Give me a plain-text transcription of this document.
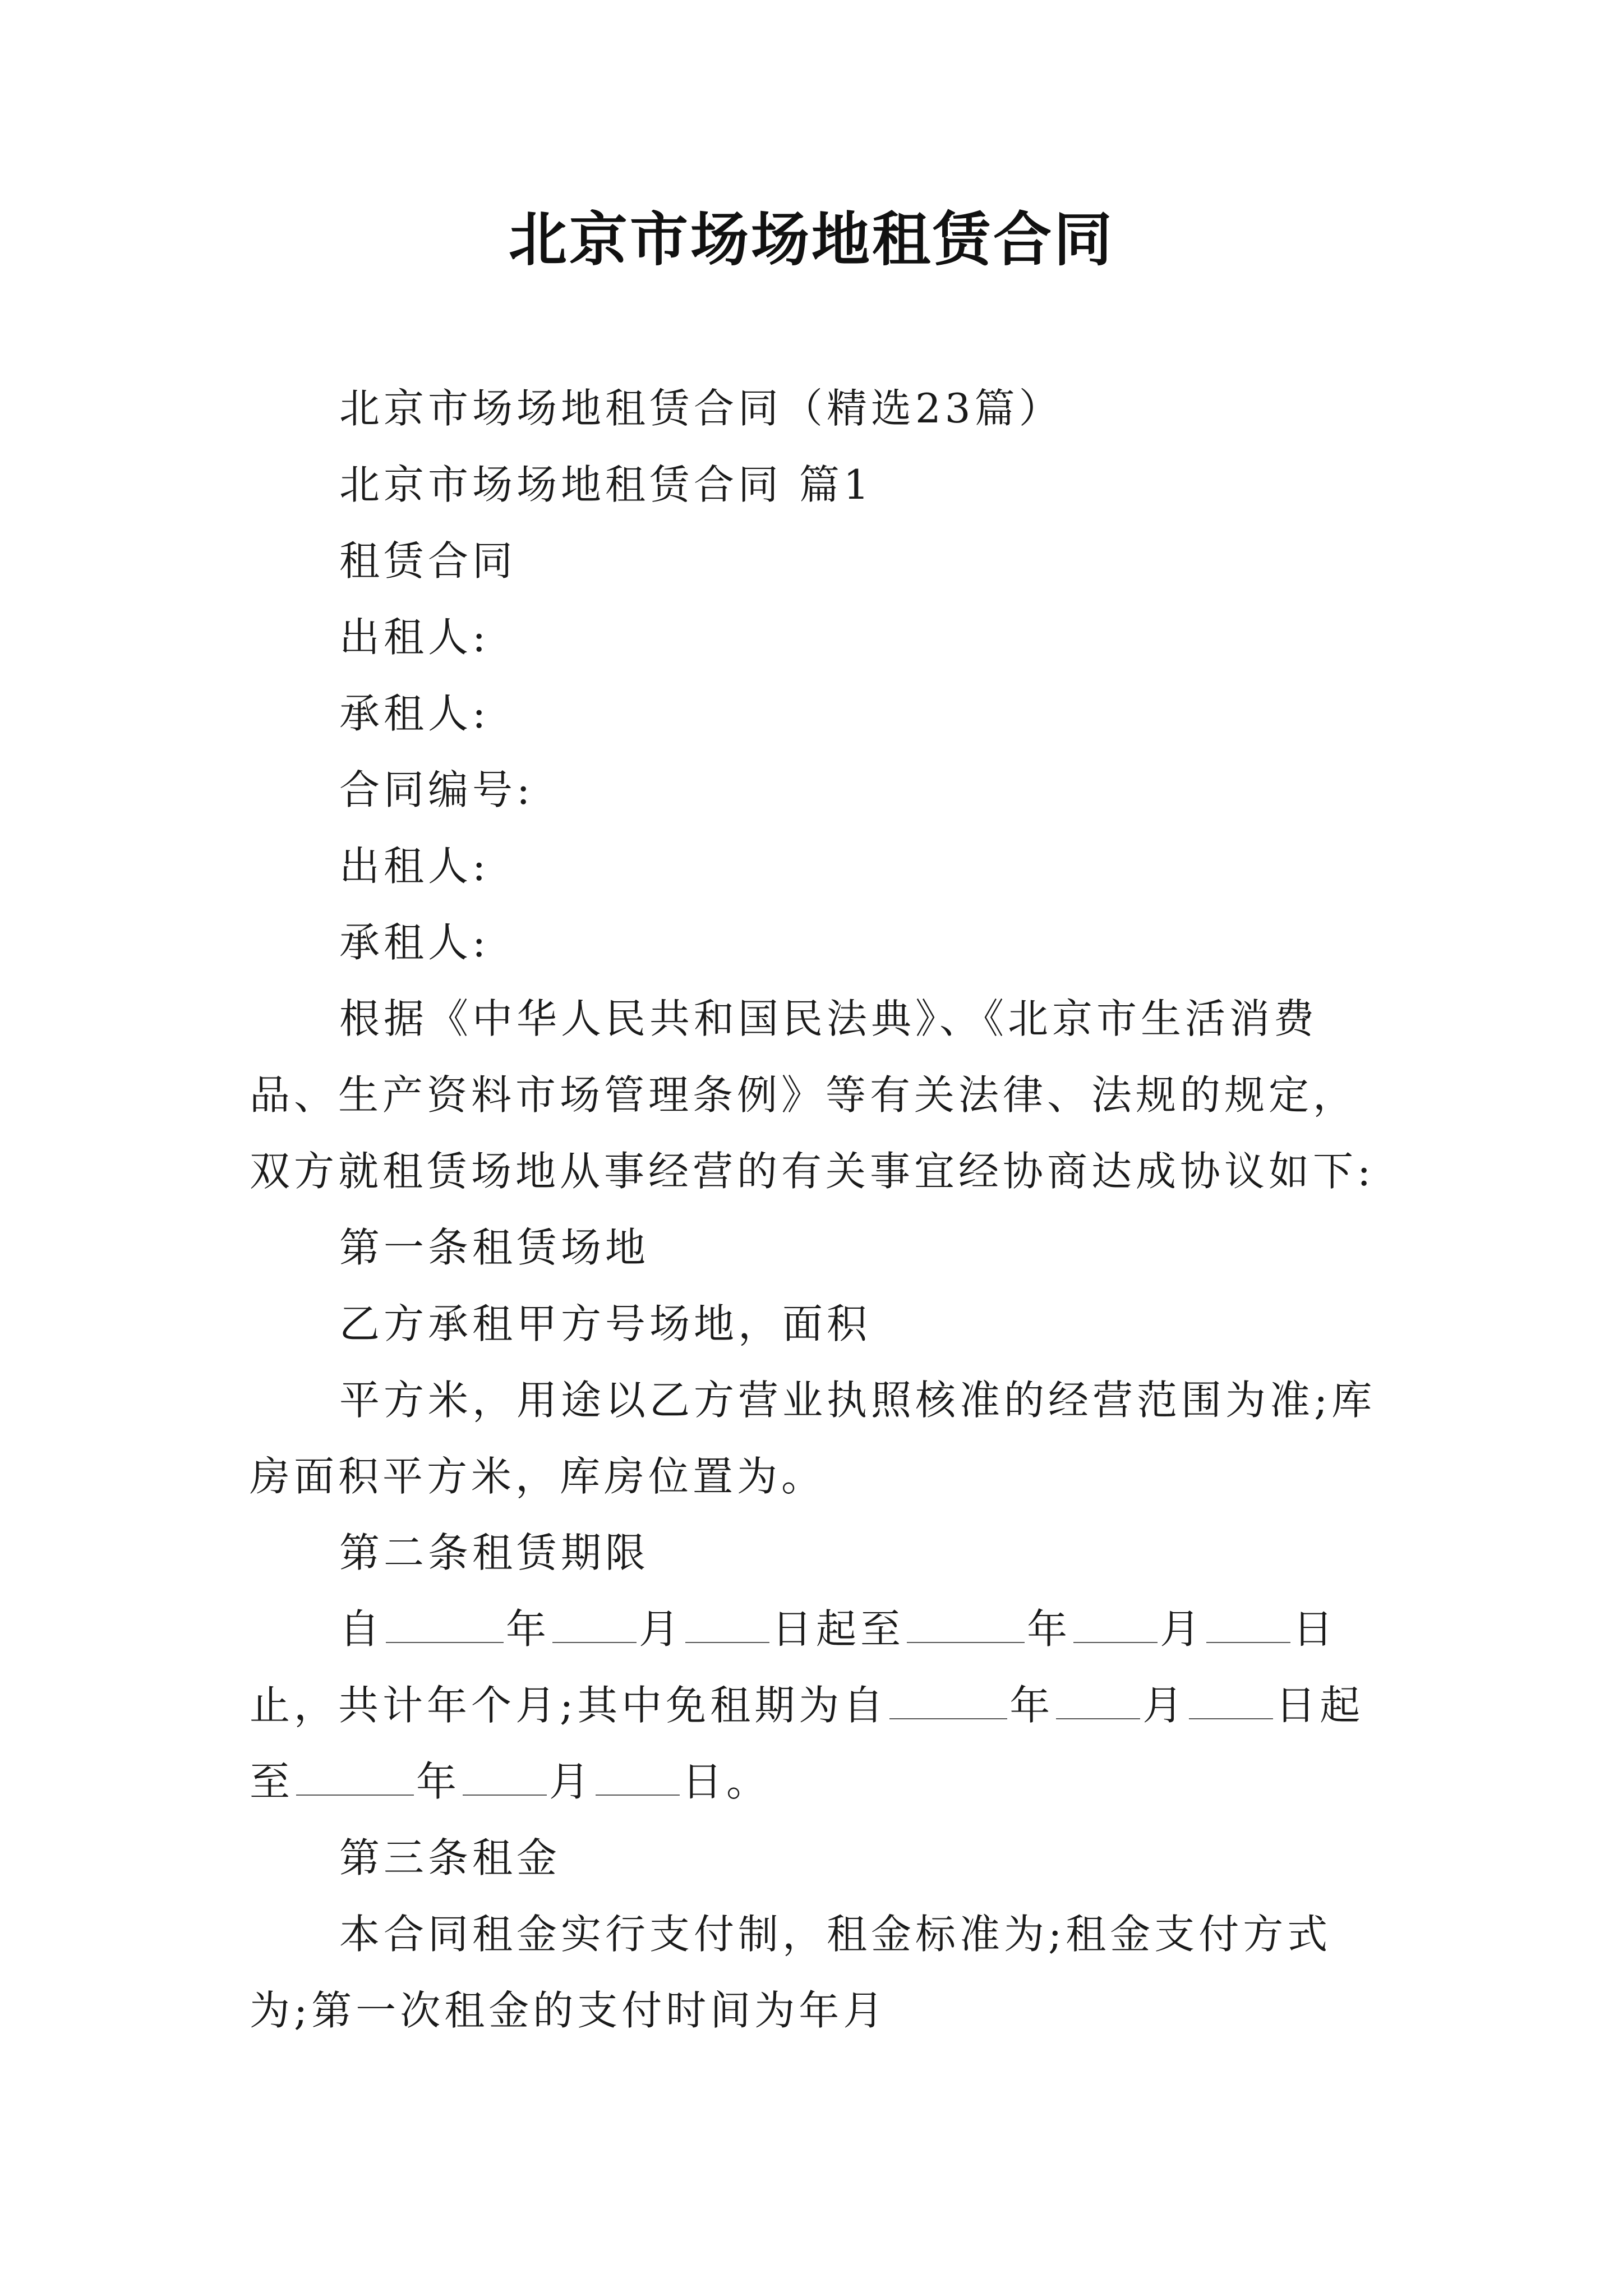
北京市场场地租赁合同

北京市场场地租赁合同（精选23篇）

北京市场场地租赁合同 篇1

租赁合同

出租人:

承租人:

合同编号:

出租人:

承租人:

根据《中华人民共和国民法典》、《北京市生活消费品、生产资料市场管理条例》等有关法律、法规的规定，双方就租赁场地从事经营的有关事宜经协商达成协议如下:

第一条租赁场地

乙方承租甲方号场地，面积

平方米，用途以乙方营业执照核准的经营范围为准;库房面积平方米，库房位置为。

第二条租赁期限

自	年 月 日起至	年 月 日止，共计年个月;其中免租期为自	年 月 日起至	年 月 日。

第三条租金

本合同租金实行支付制，租金标准为;租金支付方式为;第一次租金的支付时间为年月
